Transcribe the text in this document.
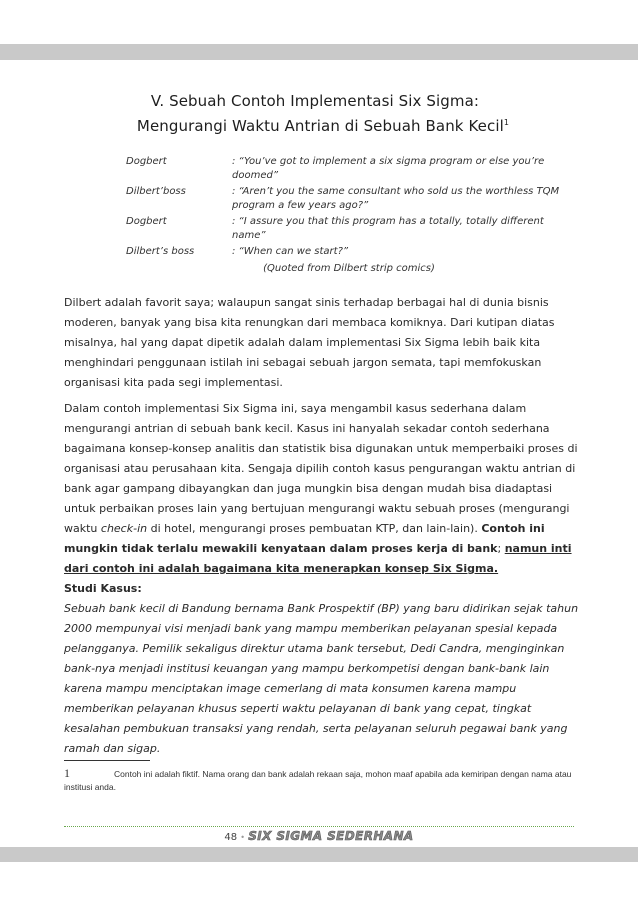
V. Sebuah Contoh Implementasi Six Sigma:
Mengurangi Waktu Antrian di Sebuah Bank Kecil$^1$
Dogbert	: “You’ve got to implement a six sigma program or else you’re doomed”
Dilbert’boss	: “Aren’t you the same consultant who sold us the worthless TQM program a few years ago?”
Dogbert	: “I assure you that this program has a totally, totally different name”
Dilbert’s boss	: “When can we start?”
(Quoted from Dilbert strip comics)
Dilbert adalah favorit saya; walaupun sangat sinis terhadap berbagai hal di dunia bisnis moderen, banyak yang bisa kita renungkan dari membaca komiknya. Dari kutipan diatas misalnya, hal yang dapat dipetik adalah dalam implementasi Six Sigma lebih baik kita menghindari penggunaan istilah ini sebagai sebuah jargon semata, tapi memfokuskan organisasi kita pada segi implementasi.
Dalam contoh implementasi Six Sigma ini, saya mengambil kasus sederhana dalam mengurangi antrian di sebuah bank kecil. Kasus ini hanyalah sekadar contoh sederhana bagaimana konsep-konsep analitis dan statistik bisa digunakan untuk memperbaiki proses di organisasi atau perusahaan kita. Sengaja dipilih contoh kasus pengurangan waktu antrian di bank agar gampang dibayangkan dan juga mungkin bisa dengan mudah bisa diadaptasi untuk perbaikan proses lain yang bertujuan mengurangi waktu sebuah proses (mengurangi waktu check-in di hotel, mengurangi proses pembuatan KTP, dan lain-lain). Contoh ini mungkin tidak terlalu mewakili kenyataan dalam proses kerja di bank; namun inti dari contoh ini adalah bagaimana kita menerapkan konsep Six Sigma.
Studi Kasus:
Sebuah bank kecil di Bandung bernama Bank Prospektif (BP) yang baru didirikan sejak tahun 2000 mempunyai visi menjadi bank yang mampu memberikan pelayanan spesial kepada pelangganya. Pemilik sekaligus direktur utama bank tersebut, Dedi Candra, menginginkan bank-nya menjadi institusi keuangan yang mampu berkompetisi dengan bank-bank lain karena mampu menciptakan image cemerlang di mata konsumen karena mampu memberikan pelayanan khusus seperti waktu pelayanan di bank yang cepat, tingkat kesalahan pembukuan transaksi yang rendah, serta pelayanan seluruh pegawai bank yang ramah dan sigap.
1	Contoh ini adalah fiktif. Nama orang dan bank adalah rekaan saja, mohon maaf apabila ada kemiripan dengan nama atau institusi anda.
48 • SIX SIGMA SEDERHANA
